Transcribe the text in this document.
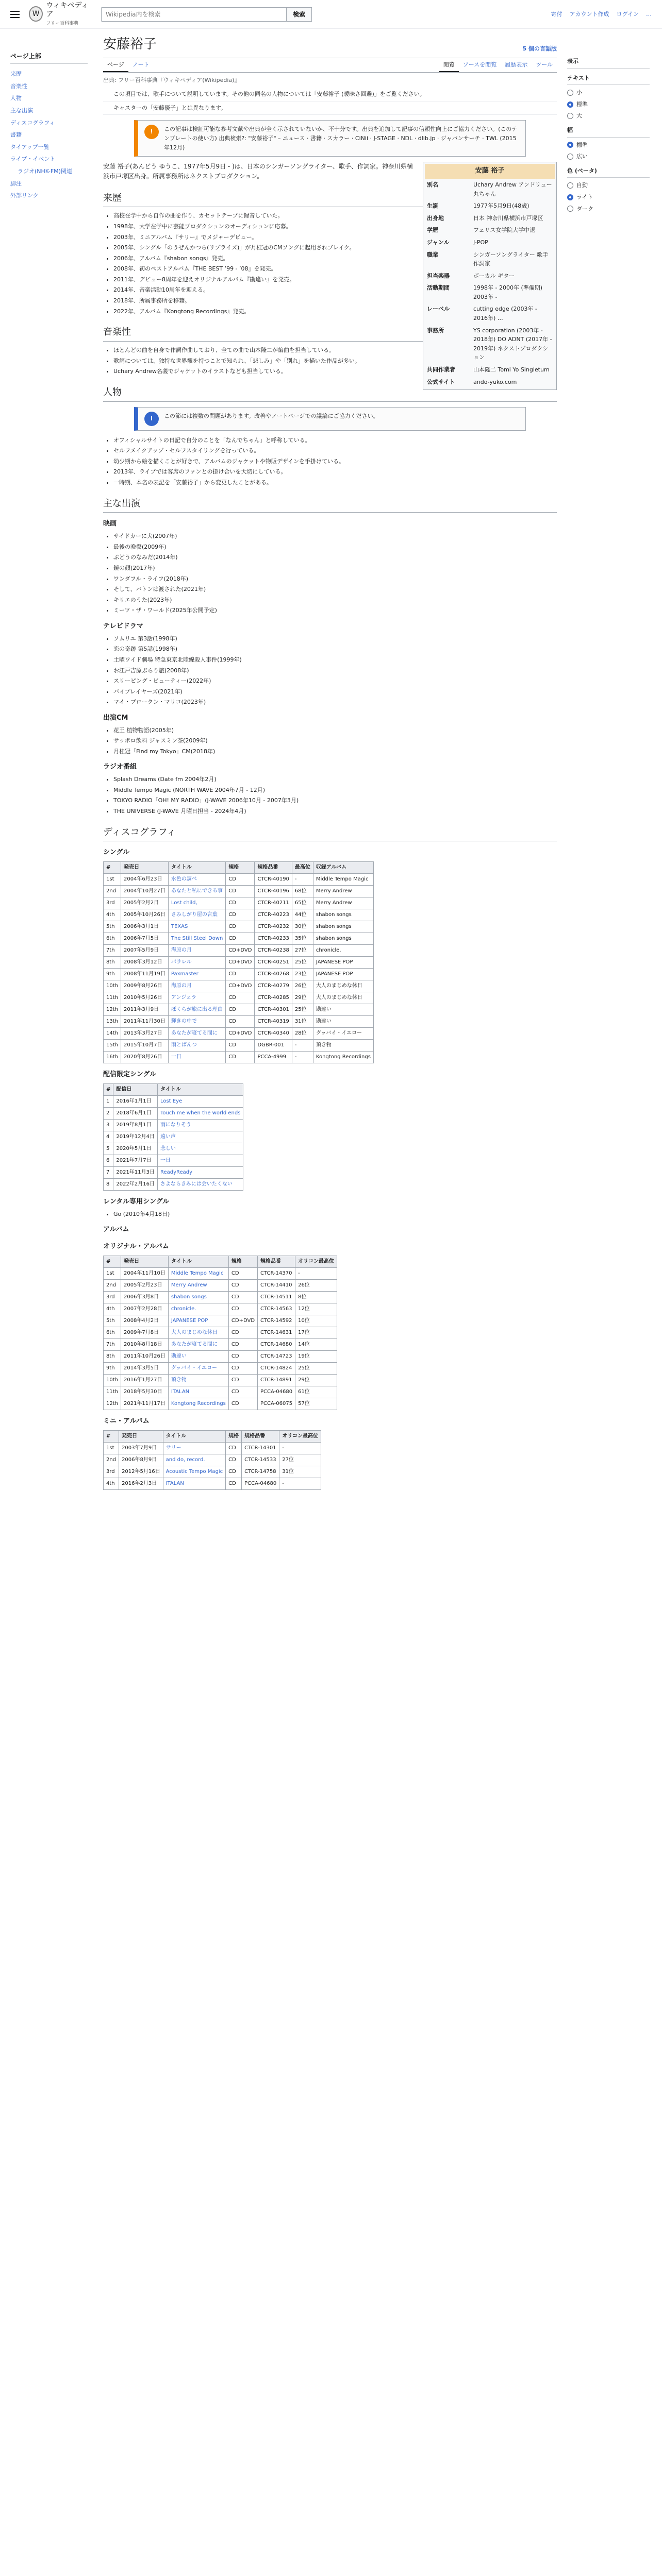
W
ウィキペディア
フリー百科事典
Wikipedia内を検索
検索	寄付 アカウント作成 ログイン …
ページ上部
来歴
音楽性
人物
主な出演
ディスコグラフィ
書籍
タイアップ一覧
ライブ・イベント
ラジオ(NHK-FM)関連
脚注
外部リンク
安藤裕子	5 個の言語版
ページ	ノート	閲覧	ソースを閲覧	履歴表示	ツール
出典: フリー百科事典『ウィキペディア(Wikipedia)』
この項目では、歌手について説明しています。その他の同名の人物については「安藤裕子 (曖昧さ回避)」をご覧ください。
キャスターの「安藤優子」とは異なります。
!	この記事は検証可能な参考文献や出典が全く示されていないか、不十分です。出典を追加して記事の信頼性向上にご協力ください。(このテンプレートの使い方) 出典検索?: "安藤裕子" – ニュース · 書籍 · スカラー · CiNii · J-STAGE · NDL · dlib.jp · ジャパンサーチ · TWL (2015年12月)
安藤 裕子
別名	Uchary Andrew アンドリュー 丸ちゃん
生誕	1977年5月9日(48歳)
出身地	日本 神奈川県横浜市戸塚区
学歴	フェリス女学院大学中退
ジャンル	J-POP
職業	シンガーソングライター 歌手 作詞家
担当楽器	ボーカル ギター
活動期間	1998年 - 2000年 (準備期) 2003年 -
レーベル	cutting edge (2003年 - 2016年) …
事務所	YS corporation (2003年 - 2018年) DO ADNT (2017年 - 2019年) ネクストプロダクション
共同作業者	山本隆二 Tomi Yo Singletum
公式サイト	ando-yuko.com

安藤 裕子(あんどう ゆうこ、1977年5月9日 - )は、日本のシンガーソングライター、歌手、作詞家。神奈川県横浜市戸塚区出身。所属事務所はネクストプロダクション。

来歴
• 高校在学中から自作の曲を作り、カセットテープに録音していた。
• 1998年、大学在学中に芸能プロダクションのオーディションに応募。
• 2003年、ミニアルバム『サリー』でメジャーデビュー。
• 2005年、シングル「のうぜんかつら(リプライズ)」が月桂冠のCMソングに起用されブレイク。
• 2006年、アルバム『shabon songs』発売。
• 2008年、初のベストアルバム『THE BEST ’99 - ’08』を発売。
• 2011年、デビュー8周年を迎えオリジナルアルバム『勘違い』を発売。
• 2014年、音楽活動10周年を迎える。
• 2018年、所属事務所を移籍。
• 2022年、アルバム『Kongtong Recordings』発売。
音楽性
• ほとんどの曲を自身で作詞作曲しており、全ての曲で山本隆二が編曲を担当している。
• 歌詞については、独特な世界観を持つことで知られ、「悲しみ」や「別れ」を描いた作品が多い。
• Uchary Andrew名義でジャケットのイラストなども担当している。
人物
i	この節には複数の問題があります。改善やノートページでの議論にご協力ください。
• オフィシャルサイトの日記で自分のことを「なんでちゃん」と呼称している。
• セルフメイクアップ・セルフスタイリングを行っている。
• 幼少期から絵を描くことが好きで、アルバムのジャケットや物販デザインを手掛けている。
• 2013年、ライブでは客席のファンとの掛け合いを大切にしている。
• 一時期、本名の表記を「安藤裕子」から変更したことがある。
主な出演
映画
• サイドカーに犬(2007年)
• 最後の晩餐(2009年)
• ぶどうのなみだ(2014年)
• 鏡の顔(2017年)
• ワンダフル・ライフ(2018年)
• そして、バトンは渡された(2021年)
• キリエのうた(2023年)
• ミーツ・ザ・ワールド(2025年公開予定)
テレビドラマ
• ソムリエ 第3話(1998年)
• 恋の奇跡 第5話(1998年)
• 土曜ワイド劇場 特急東京北陸線殺人事件(1999年)
• お江戸吉原ぶらり旅(2008年)
• スリーピング・ビューティー(2022年)
• バイプレイヤーズ(2021年)
• マイ・ブロークン・マリコ(2023年)
出演CM
• 花王 植物物語(2005年)
• サッポロ飲料 ジャスミン茶(2009年)
• 月桂冠「Find my Tokyo」CM(2018年)
ラジオ番組
• Splash Dreams (Date fm 2004年2月)
• Middle Tempo Magic (NORTH WAVE 2004年7月 - 12月)
• TOKYO RADIO「OH! MY RADIO」(J-WAVE 2006年10月 - 2007年3月)
• THE UNIVERSE (J-WAVE 月曜日担当 - 2024年4月)
ディスコグラフィ
シングル
#	発売日	タイトル	規格	規格品番	最高位	収録アルバム
1st	2004年6月23日	水色の調べ	CD	CTCR-40190	-	Middle Tempo Magic
2nd	2004年10月27日	あなたと私にできる事	CD	CTCR-40196	68位	Merry Andrew
3rd	2005年2月2日	Lost child,	CD	CTCR-40211	65位	Merry Andrew
4th	2005年10月26日	さみしがり屋の言葉	CD	CTCR-40223	44位	shabon songs
5th	2006年3月1日	TEXAS	CD	CTCR-40232	30位	shabon songs
6th	2006年7月5日	The Still Steel Down	CD	CTCR-40233	35位	shabon songs
7th	2007年5月9日	海原の月	CD+DVD	CTCR-40238	27位	chronicle.
8th	2008年3月12日	パラレル	CD+DVD	CTCR-40251	25位	JAPANESE POP
9th	2008年11月19日	Paxmaster	CD	CTCR-40268	23位	JAPANESE POP
10th	2009年8月26日	海原の月	CD+DVD	CTCR-40279	26位	大人のまじめな休日
11th	2010年5月26日	アンジェラ	CD	CTCR-40285	29位	大人のまじめな休日
12th	2011年3月9日	ぼくらが旅に出る理由	CD	CTCR-40301	25位	勘違い
13th	2011年11月30日	輝きの中で	CD	CTCR-40319	31位	勘違い
14th	2013年3月27日	あなたが寝てる間に	CD+DVD	CTCR-40340	28位	グッバイ・イエロー
15th	2015年10月7日	雨とぱんつ	CD	DGBR-001	-	頂き物
16th	2020年8月26日	一日	CD	PCCA-4999	-	Kongtong Recordings
配信限定シングル
#	配信日	タイトル
1	2016年1月1日	Lost Eye
2	2018年6月1日	Touch me when the world ends
3	2019年8月1日	雨になりそう
4	2019年12月4日	遠い声
5	2020年5月1日	悲しい
6	2021年7月7日	一日
7	2021年11月3日	ReadyReady
8	2022年2月16日	さよならきみには会いたくない
レンタル専用シングル
• Go (2010年4月18日)
アルバム
オリジナル・アルバム
#	発売日	タイトル	規格	規格品番	オリコン最高位
1st	2004年11月10日	Middle Tempo Magic	CD	CTCR-14370	-
2nd	2005年2月23日	Merry Andrew	CD	CTCR-14410	26位
3rd	2006年3月8日	shabon songs	CD	CTCR-14511	8位
4th	2007年2月28日	chronicle.	CD	CTCR-14563	12位
5th	2008年4月2日	JAPANESE POP	CD+DVD	CTCR-14592	10位
6th	2009年7月8日	大人のまじめな休日	CD	CTCR-14631	17位
7th	2010年8月18日	あなたが寝てる間に	CD	CTCR-14680	14位
8th	2011年10月26日	勘違い	CD	CTCR-14723	19位
9th	2014年3月5日	グッバイ・イエロー	CD	CTCR-14824	25位
10th	2016年1月27日	頂き物	CD	CTCR-14891	29位
11th	2018年5月30日	ITALAN	CD	PCCA-04680	61位
12th	2021年11月17日	Kongtong Recordings	CD	PCCA-06075	57位
ミニ・アルバム
#	発売日	タイトル	規格	規格品番	オリコン最高位
1st	2003年7月9日	サリー	CD	CTCR-14301	-
2nd	2006年8月9日	and do, record.	CD	CTCR-14533	27位
3rd	2012年5月16日	Acoustic Tempo Magic	CD	CTCR-14758	31位
4th	2016年2月3日	ITALAN	CD	PCCA-04680	-
表示
テキスト
小
標準
大
幅
標準
広い
色 (ベータ)
自動
ライト
ダーク
